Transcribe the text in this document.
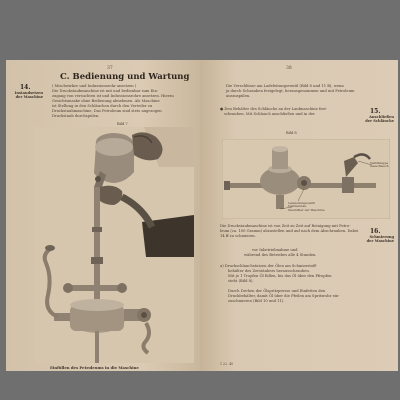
37
C. Bedienung und Wartung
14.
Instandsetzen
der Maschine
( Mischwirker und Indussionsrohr ansetzen )
Die Druckstaubmaschine ist mit und bedienbar zum Ein-
zugang von versuchten ist und Indussionsrohre ansetzen. Hierzu
Gesichtsmaske ohne Bedienung abnehmen. Als Maschine
ist Stellung in den Schläuchen durch den Verteiler zu
Druckstaubmaschine, Das Petroleum sind stets angezogen
Druckstaub durchspülen.
Bild 7
Einfüllen des Petroleums in die Maschine
38
Die Verschlüsse am Ladeleitungsventil (Bild 8 und 11 B), wenn
ja durch Schrauben festgelegt, herausgenommen und mit Petroleum
auszuspülen.
● Den Behälter des Schläuche an der Laufmaschine fest-
schrauben. Mit Schlauch anschließen und in der	15.
Anschließen
der Schläuche
Bild 8
Ventilklappe
Gasschlauch
Ladeleitungsventil
Ventileinbau
Staubfilter der Maschine
Die Druckstaubmaschine ist von Zeit zu Zeit auf Reinigung mit Petro-
leum (ca. 100 Gramm) abzustellen und auf nach dem Abschrauben. Dabei
14 ff zu schmieren.
16.
Schmierung
der Maschine
vor Inbetriebnahme und
während des Betriebes alle 4 Stunden.
a) Druckschlauchstutzen der Ölen am Schmierstoff-
behälter des Zerstäubers herausschrauben.
Mit je 1 Tropfen Öl füllen, bis das Öl über den Pfropfen
steht (Bild 8).
Durch Drehen der Ölspritzpresse und Einfetten den
Druckbehälter, damit Öl über die Pfeilen am Spritzrohr ein-
zuschmieren (Bild 10 und 11).
1 22. 40
